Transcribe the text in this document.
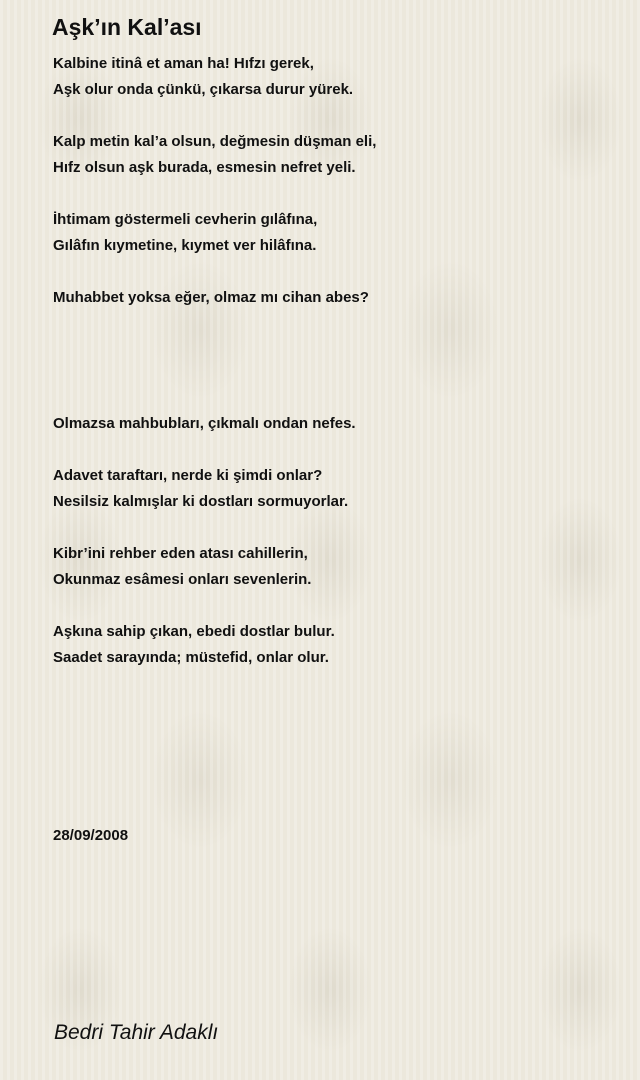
Aşk’ın Kal’ası
Kalbine itinâ et aman ha! Hıfzı gerek,
Aşk olur onda çünkü, çıkarsa durur yürek.
Kalp metin kal’a olsun, değmesin düşman eli,
Hıfz olsun aşk burada, esmesin nefret yeli.
İhtimam göstermeli cevherin gılâfına,
Gılâfın kıymetine, kıymet ver hilâfına.
Muhabbet yoksa eğer, olmaz mı cihan abes?
Olmazsa mahbubları, çıkmalı ondan nefes.
Adavet taraftarı, nerde ki şimdi onlar?
Nesilsiz kalmışlar ki dostları sormuyorlar.
Kibr’ini rehber eden atası cahillerin,
Okunmaz esâmesi onları sevenlerin.
Aşkına sahip çıkan, ebedi dostlar bulur.
Saadet sarayında; müstefid, onlar olur.
28/09/2008
Bedri Tahir Adaklı
